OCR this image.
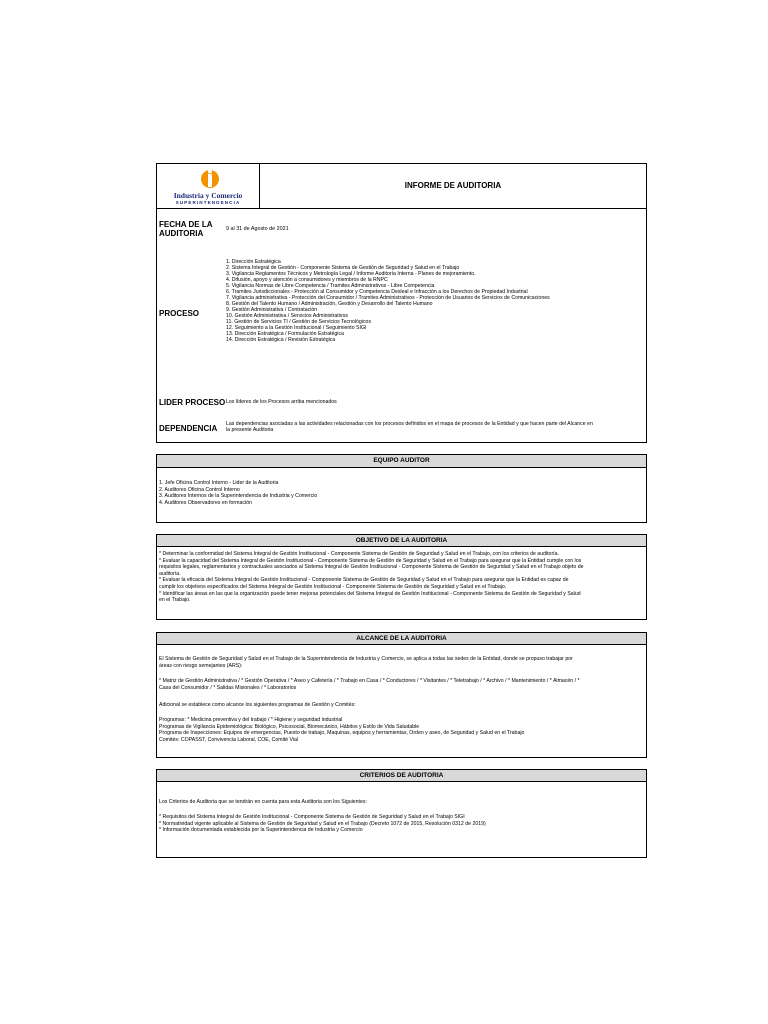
Industria y Comercio
SUPERINTENDENCIA
INFORME DE AUDITORIA
FECHA DE LA
AUDITORIA	9 al 31 de Agosto de 2021
PROCESO
1. Dirección Estratégica
2. Sistema Integral de Gestión - Componente Sistema de Gestión de Seguridad y Salud en el Trabajo
3. Vigilancia Reglamentos Técnicos y Metrología Legal / Informe Auditoría Interna - Planes de mejoramiento.
4. Difusión, apoyo y atención a consumidores y miembros de la RNPC
5. Vigilancia Normas de Libre Competencia / Tramites Administrativos - Libre Competencia
6. Tramites Jurisdiccionales - Protección al Consumidor y Competencia Desleal e Infracción a los Derechos de Propiedad Industrial
7. Vigilancia administrativa - Protección del Consumidor / Tramites Administrativos - Protección de Usuarios de Servicios de Comunicaciones
8. Gestión del Talento Humano / Administración, Gestión y Desarrollo del Talento Humano
9. Gestión Administrativa / Contratación
10. Gestión Administrativa / Servicios Administrativos
11. Gestión de Servicios TI / Gestión de Servicios Tecnológicos
12. Seguimiento a la Gestión Institucional / Seguimiento SIGI
13. Dirección Estratégica / Formulación Estratégica
14. Dirección Estratégica / Revisión Estratégica
LIDER PROCESO Los líderes de los Procesos arriba mencionados
DEPENDENCIA Las dependencias asociadas a las actividades relacionadas con los procesos definidos en el mapa de procesos de la Entidad y que hacen parte del Alcance en
la presente Auditoria
EQUIPO AUDITOR
1. Jefe Oficina Control Interno - Lider de la Auditoria
2. Auditores Oficina Control Interno
3. Auditores Internos de la Superintendencia de Industria y Comercio
4. Auditores Observadores en formación
OBJETIVO DE LA AUDITORIA
* Determinar la conformidad del Sistema Integral de Gestión Institucional - Componente Sistema de Gestión de Seguridad y Salud en el Trabajo, con los criterios de auditoría.
* Evaluar la capacidad del Sistema Integral de Gestión Institucional - Componente Sistema de Gestión de Seguridad y Salud en el Trabajo para asegurar que la Entidad cumple con los
requisitos legales, reglamentarios y contractuales asociados al Sistema Integral de Gestión Institucional - Componente Sistema de Gestión de Seguridad y Salud en el Trabajo objeto de
auditoría.
* Evaluar la eficacia del Sistema Integral de Gestión Institucional - Componente Sistema de Gestión de Seguridad y Salud en el Trabajo para asegurar que la Entidad es capaz de
cumplir los objetivos especificados del Sistema Integral de Gestión Institucional - Componente Sistema de Gestión de Seguridad y Salud en el Trabajo.
* Identificar las áreas en las que la organización puede tener mejoras potenciales del Sistema Integral de Gestión Institucional - Componente Sistema de Gestión de Seguridad y Salud
en el Trabajo.
ALCANCE DE LA AUDITORIA
El Sistema de Gestión de Seguridad y Salud en el Trabajo de la Superintendencia de Industria y Comercio, se aplica a todas las sedes de la Entidad, donde se propuso trabajar por
áreas con riesgo semejantes (ARS):
* Matriz de Gestión Administrativa / * Gestión Operativa / * Aseo y Cafetería / * Trabajo en Casa / * Conductores / * Visitantes / * Teletrabajo / * Archivo / * Mantenimiento / * Almacén / *
Casa del Consumidor / * Salidas Misionales / * Laboratorios
Adicional se establece como alcance los siguientes programas de Gestión y Comités:
Programas: * Medicina preventiva y del trabajo / * Higiene y seguridad industrial
Programas de Vigilancia Epidemiológica: Biológico, Psicosocial, Biomecánico, Hábitos y Estilo de Vida Saludable
Programa de Inspecciones: Equipos de emergencias, Puesto de trabajo, Maquinas, equipos y herramientas, Orden y aseo, de Seguridad y Salud en el Trabajo
Comités: COPASST, Convivencia Laboral, COE, Comité Vial
CRITERIOS DE AUDITORIA
Los Criterios de Auditoria que se tendrán en cuenta para esta Auditoria son los Siguientes:
* Requisitos del Sistema Integral de Gestión Institucional - Componente Sistema de Gestión de Seguridad y Salud en el Trabajo SIGI
* Normatividad vigente aplicable al Sistema de Gestión de Seguridad y Salud en el Trabajo (Decreto 1072 de 2015, Resolución 0312 de 2019)
* Información documentada establecida por la Superintendencia de Industria y Comercio
